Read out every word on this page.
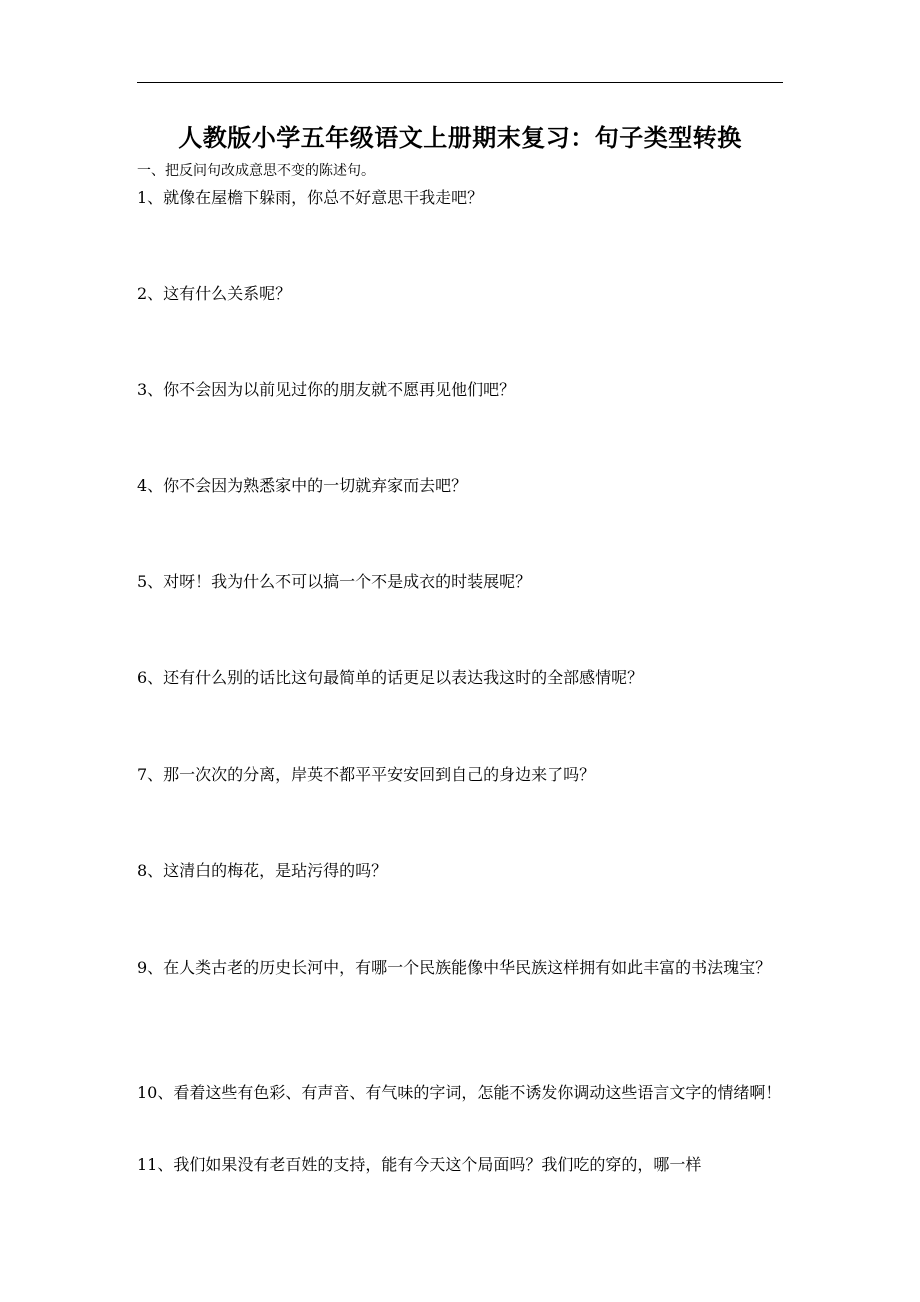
人教版小学五年级语文上册期末复习：句子类型转换
一、把反问句改成意思不变的陈述句。
1、就像在屋檐下躲雨，你总不好意思干我走吧？
2、这有什么关系呢？
3、你不会因为以前见过你的朋友就不愿再见他们吧？
4、你不会因为熟悉家中的一切就弃家而去吧？
5、对呀！我为什么不可以搞一个不是成衣的时装展呢？
6、还有什么别的话比这句最简单的话更足以表达我这时的全部感情呢？
7、那一次次的分离，岸英不都平平安安回到自己的身边来了吗？
8、这清白的梅花，是玷污得的吗？
9、在人类古老的历史长河中，有哪一个民族能像中华民族这样拥有如此丰富的书法瑰宝？
10、看着这些有色彩、有声音、有气味的字词，怎能不诱发你调动这些语言文字的情绪啊！
11、我们如果没有老百姓的支持，能有今天这个局面吗？我们吃的穿的，哪一样
